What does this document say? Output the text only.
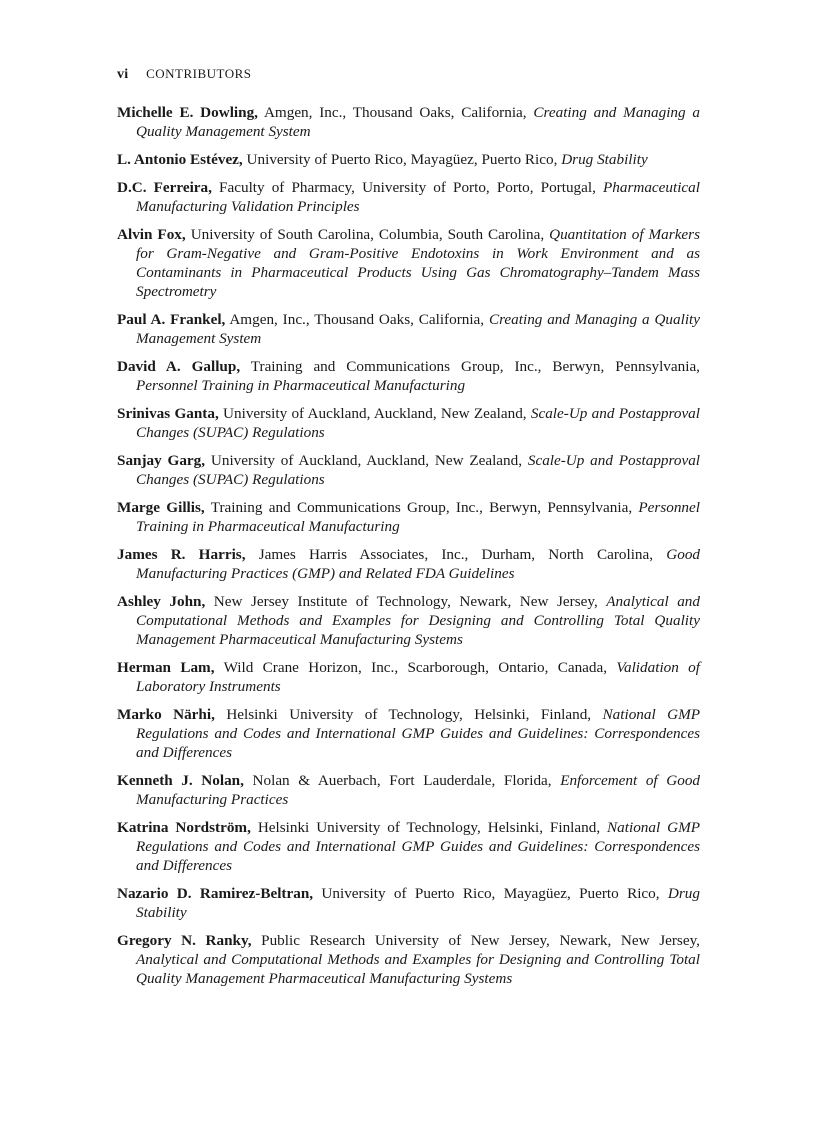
vi CONTRIBUTORS

Michelle E. Dowling, Amgen, Inc., Thousand Oaks, California, Creating and Managing a Quality Management System

L. Antonio Estévez, University of Puerto Rico, Mayagüez, Puerto Rico, Drug Stability

D.C. Ferreira, Faculty of Pharmacy, University of Porto, Porto, Portugal, Pharmaceutical Manufacturing Validation Principles

Alvin Fox, University of South Carolina, Columbia, South Carolina, Quantitation of Markers for Gram-Negative and Gram-Positive Endotoxins in Work Environment and as Contaminants in Pharmaceutical Products Using Gas Chromatography–Tandem Mass Spectrometry

Paul A. Frankel, Amgen, Inc., Thousand Oaks, California, Creating and Managing a Quality Management System

David A. Gallup, Training and Communications Group, Inc., Berwyn, Pennsylvania, Personnel Training in Pharmaceutical Manufacturing

Srinivas Ganta, University of Auckland, Auckland, New Zealand, Scale-Up and Postapproval Changes (SUPAC) Regulations

Sanjay Garg, University of Auckland, Auckland, New Zealand, Scale-Up and Postapproval Changes (SUPAC) Regulations

Marge Gillis, Training and Communications Group, Inc., Berwyn, Pennsylvania, Personnel Training in Pharmaceutical Manufacturing

James R. Harris, James Harris Associates, Inc., Durham, North Carolina, Good Manufacturing Practices (GMP) and Related FDA Guidelines

Ashley John, New Jersey Institute of Technology, Newark, New Jersey, Analytical and Computational Methods and Examples for Designing and Controlling Total Quality Management Pharmaceutical Manufacturing Systems

Herman Lam, Wild Crane Horizon, Inc., Scarborough, Ontario, Canada, Validation of Laboratory Instruments

Marko Närhi, Helsinki University of Technology, Helsinki, Finland, National GMP Regulations and Codes and International GMP Guides and Guidelines: Correspondences and Differences

Kenneth J. Nolan, Nolan & Auerbach, Fort Lauderdale, Florida, Enforcement of Good Manufacturing Practices

Katrina Nordström, Helsinki University of Technology, Helsinki, Finland, National GMP Regulations and Codes and International GMP Guides and Guidelines: Correspondences and Differences

Nazario D. Ramirez-Beltran, University of Puerto Rico, Mayagüez, Puerto Rico, Drug Stability

Gregory N. Ranky, Public Research University of New Jersey, Newark, New Jersey, Analytical and Computational Methods and Examples for Designing and Controlling Total Quality Management Pharmaceutical Manufacturing Systems
